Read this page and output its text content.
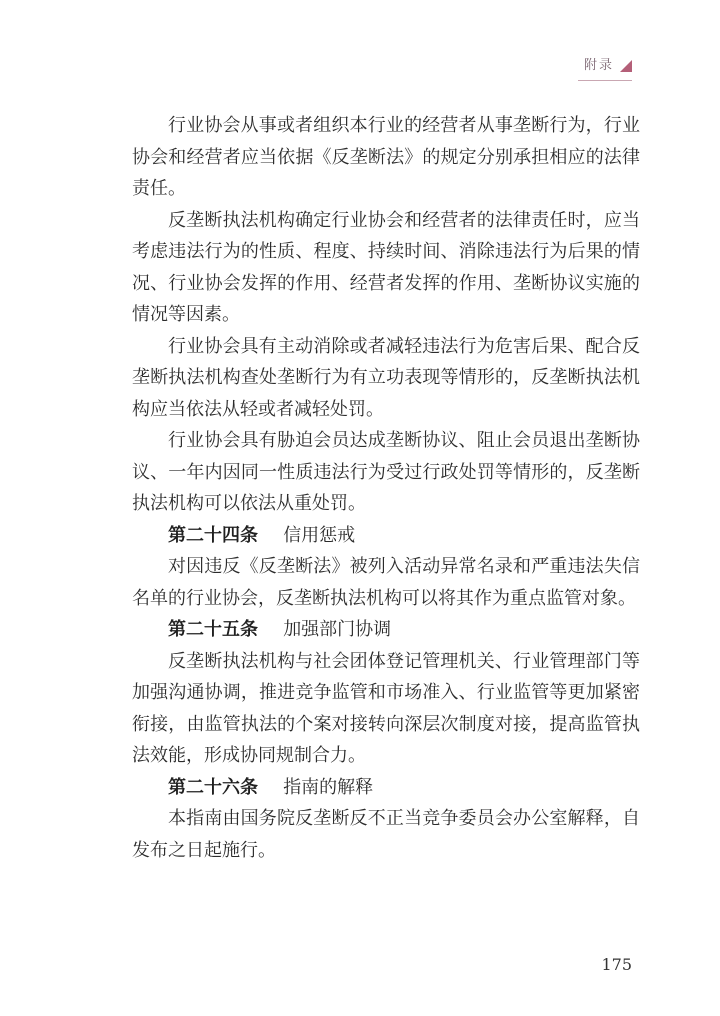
附录

行业协会从事或者组织本行业的经营者从事垄断行为，行业协会和经营者应当依据《反垄断法》的规定分别承担相应的法律责任。

反垄断执法机构确定行业协会和经营者的法律责任时，应当考虑违法行为的性质、程度、持续时间、消除违法行为后果的情况、行业协会发挥的作用、经营者发挥的作用、垄断协议实施的情况等因素。

行业协会具有主动消除或者减轻违法行为危害后果、配合反垄断执法机构查处垄断行为有立功表现等情形的，反垄断执法机构应当依法从轻或者减轻处罚。

行业协会具有胁迫会员达成垄断协议、阻止会员退出垄断协议、一年内因同一性质违法行为受过行政处罚等情形的，反垄断执法机构可以依法从重处罚。

第二十四条 信用惩戒

对因违反《反垄断法》被列入活动异常名录和严重违法失信名单的行业协会，反垄断执法机构可以将其作为重点监管对象。

第二十五条 加强部门协调

反垄断执法机构与社会团体登记管理机关、行业管理部门等加强沟通协调，推进竞争监管和市场准入、行业监管等更加紧密衔接，由监管执法的个案对接转向深层次制度对接，提高监管执法效能，形成协同规制合力。

第二十六条 指南的解释

本指南由国务院反垄断反不正当竞争委员会办公室解释，自发布之日起施行。

175
